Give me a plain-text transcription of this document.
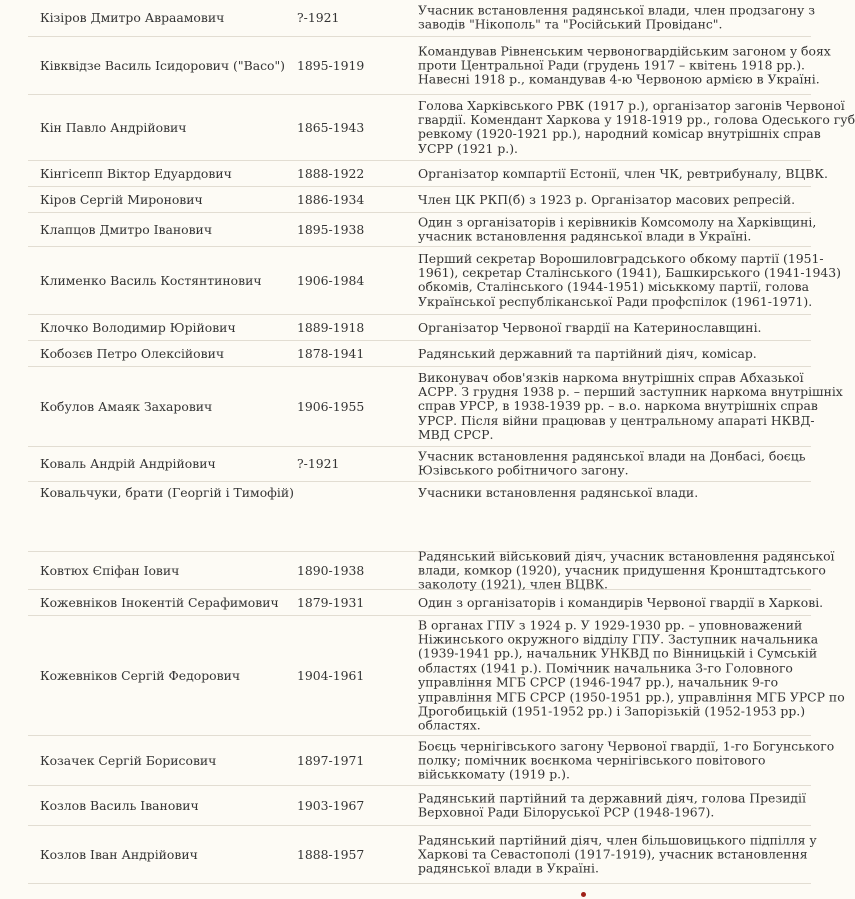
Кізіров Дмитро Авраамович	?-1921	Учасник встановлення радянської влади, член продзагону з
заводів "Нікополь" та "Російський Провіданс".
Ківквідзе Василь Ісидорович ("Васо") 1895-1919
Командував Рівненським червоногвардійським загоном у боях
проти Центральної Ради (грудень 1917 – квітень 1918 рр.).
Навесні 1918 р., командував 4-ю Червоною армією в Україні.
Кін Павло Андрійович	1865-1943
Голова Харківського РВК (1917 р.), організатор загонів Червоної
гвардії. Комендант Харкова у 1918-1919 рр., голова Одеського губ
ревкому (1920-1921 рр.), народний комісар внутрішніх справ
УСРР (1921 р.).
Кінгісепп Віктор Едуардович	1888-1922	Організатор компартії Естонії, член ЧК, ревтрибуналу, ВЦВК.
Кіров Сергій Миронович	1886-1934	Член ЦК РКП(б) з 1923 р. Організатор масових репресій.
Клапцов Дмитро Іванович	1895-1938	Один з організаторів і керівників Комсомолу на Харківщині,
учасник встановлення радянської влади в Україні.
Клименко Василь Костянтинович	1906-1984
Перший секретар Ворошиловградського обкому партії (1951-
1961), секретар Сталінського (1941), Башкирського (1941-1943)
обкомів, Сталінського (1944-1951) міськкому партії, голова
Української республіканської Ради профспілок (1961-1971).
Клочко Володимир Юрійович	1889-1918	Організатор Червоної гвардії на Катеринославщині.
Кобозєв Петро Олексійович	1878-1941	Радянський державний та партійний діяч, комісар.
Кобулов Амаяк Захарович	1906-1955
Виконувач обов'язків наркома внутрішніх справ Абхазької
АСРР. З грудня 1938 р. – перший заступник наркома внутрішніх
справ УРСР, в 1938-1939 рр. – в.о. наркома внутрішніх справ
УРСР. Після війни працював у центральному апараті НКВД-
МВД СРСР.
Коваль Андрій Андрійович	?-1921	Учасник встановлення радянської влади на Донбасі, боєць
Юзівського робітничого загону.
Ковальчуки, брати (Георгій і Тимофій)	Учасники встановлення радянської влади.
Ковтюх Єпіфан Іович	1890-1938
Радянський військовий діяч, учасник встановлення радянської
влади, комкор (1920), учасник придушення Кронштадтського
заколоту (1921), член ВЦВК.
Кожевніков Інокентій Серафимович 1879-1931	Один з організаторів і командирів Червоної гвардії в Харкові.
Кожевніков Сергій Федорович	1904-1961
В органах ГПУ з 1924 р. У 1929-1930 рр. – уповноважений
Ніжинського окружного відділу ГПУ. Заступник начальника
(1939-1941 рр.), начальник УНКВД по Вінницькій і Сумській
областях (1941 р.). Помічник начальника 3-го Головного
управління МГБ СРСР (1946-1947 рр.), начальник 9-го
управління МГБ СРСР (1950-1951 рр.), управління МГБ УРСР по
Дрогобицькій (1951-1952 рр.) і Запорізькій (1952-1953 рр.)
областях.
Козачек Сергій Борисович	1897-1971
Боєць чернігівського загону Червоної гвардії, 1-го Богунського
полку; помічник воєнкома чернігівського повітового
військкомату (1919 р.).
Козлов Василь Іванович	1903-1967	Радянський партійний та державний діяч, голова Президії
Верховної Ради Білоруської РСР (1948-1967).
Козлов Іван Андрійович	1888-1957
Радянський партійний діяч, член більшовицького підпілля у
Харкові та Севастополі (1917-1919), учасник встановлення
радянської влади в Україні.
